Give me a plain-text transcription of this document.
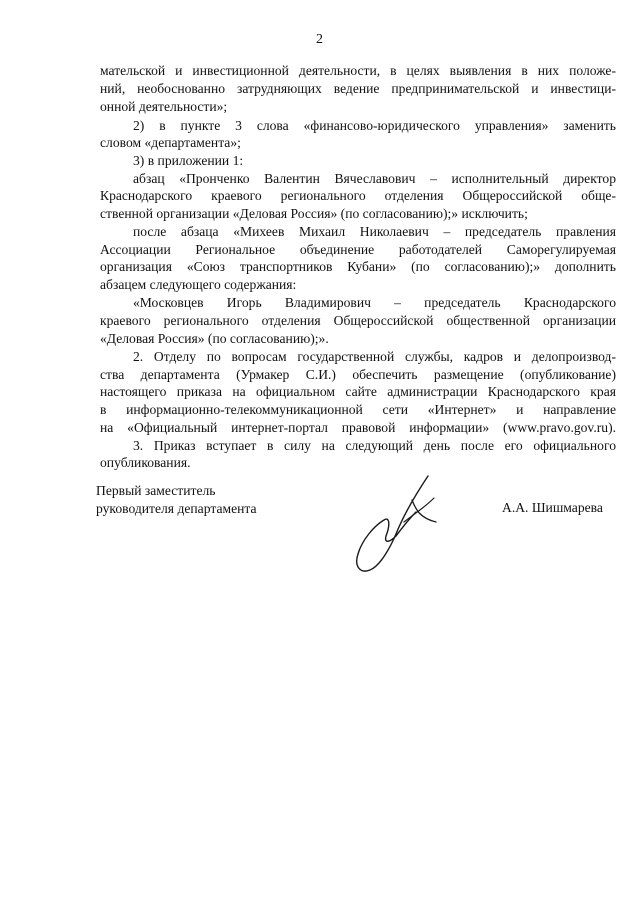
2
мательской и инвестиционной деятельности, в целях выявления в них положе-
ний, необоснованно затрудняющих ведение предпринимательской и инвестици-
онной деятельности»;
2) в пункте 3 слова «финансово-юридического управления» заменить
словом «департамента»;
3) в приложении 1:
абзац «Пронченко Валентин Вячеславович – исполнительный директор
Краснодарского краевого регионального отделения Общероссийской обще-
ственной организации «Деловая Россия» (по согласованию);» исключить;
после абзаца «Михеев Михаил Николаевич – председатель правления
Ассоциации Региональное объединение работодателей Саморегулируемая
организация «Союз транспортников Кубани» (по согласованию);» дополнить
абзацем следующего содержания:
«Московцев Игорь Владимирович – председатель Краснодарского
краевого регионального отделения Общероссийской общественной организации
«Деловая Россия» (по согласованию);».
2. Отделу по вопросам государственной службы, кадров и делопроизвод-
ства департамента (Урмакер С.И.) обеспечить размещение (опубликование)
настоящего приказа на официальном сайте администрации Краснодарского края
в информационно-телекоммуникационной сети «Интернет» и направление
на «Официальный интернет-портал правовой информации» (www.pravo.gov.ru).
3. Приказ вступает в силу на следующий день после его официального
опубликования.
Первый заместитель
руководителя департамента	А.А. Шишмарева
